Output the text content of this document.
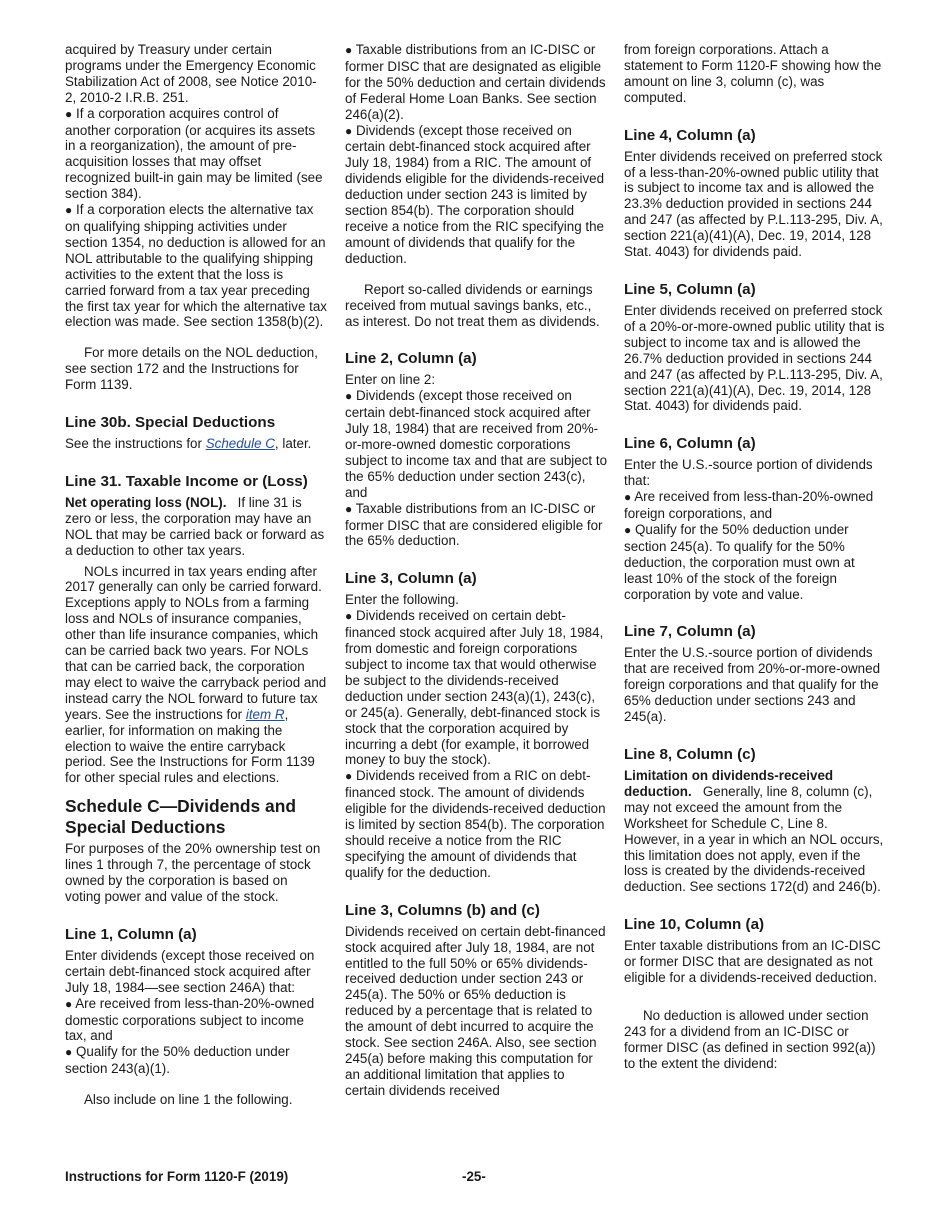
acquired by Treasury under certain programs under the Emergency Economic Stabilization Act of 2008, see Notice 2010-2, 2010-2 I.R.B. 251.

● If a corporation acquires control of another corporation (or acquires its assets in a reorganization), the amount of pre-acquisition losses that may offset recognized built-in gain may be limited (see section 384).

● If a corporation elects the alternative tax on qualifying shipping activities under section 1354, no deduction is allowed for an NOL attributable to the qualifying shipping activities to the extent that the loss is carried forward from a tax year preceding the first tax year for which the alternative tax election was made. See section 1358(b)(2).

For more details on the NOL deduction, see section 172 and the Instructions for Form 1139.

Line 30b. Special Deductions

See the instructions for Schedule C, later.

Line 31. Taxable Income or (Loss)

Net operating loss (NOL). If line 31 is zero or less, the corporation may have an NOL that may be carried back or forward as a deduction to other tax years.

NOLs incurred in tax years ending after 2017 generally can only be carried forward. Exceptions apply to NOLs from a farming loss and NOLs of insurance companies, other than life insurance companies, which can be carried back two years. For NOLs that can be carried back, the corporation may elect to waive the carryback period and instead carry the NOL forward to future tax years. See the instructions for item R, earlier, for information on making the election to waive the entire carryback period. See the Instructions for Form 1139 for other special rules and elections.

Schedule C—Dividends and Special Deductions

For purposes of the 20% ownership test on lines 1 through 7, the percentage of stock owned by the corporation is based on voting power and value of the stock.

Line 1, Column (a)

Enter dividends (except those received on certain debt-financed stock acquired after July 18, 1984—see section 246A) that:

● Are received from less-than-20%-owned domestic corporations subject to income tax, and

● Qualify for the 50% deduction under section 243(a)(1).

Also include on line 1 the following.

● Taxable distributions from an IC-DISC or former DISC that are designated as eligible for the 50% deduction and certain dividends of Federal Home Loan Banks. See section 246(a)(2).

● Dividends (except those received on certain debt-financed stock acquired after July 18, 1984) from a RIC. The amount of dividends eligible for the dividends-received deduction under section 243 is limited by section 854(b). The corporation should receive a notice from the RIC specifying the amount of dividends that qualify for the deduction.

Report so-called dividends or earnings received from mutual savings banks, etc., as interest. Do not treat them as dividends.

Line 2, Column (a)

Enter on line 2:

● Dividends (except those received on certain debt-financed stock acquired after July 18, 1984) that are received from 20%-or-more-owned domestic corporations subject to income tax and that are subject to the 65% deduction under section 243(c), and

● Taxable distributions from an IC-DISC or former DISC that are considered eligible for the 65% deduction.

Line 3, Column (a)

Enter the following.

● Dividends received on certain debt-financed stock acquired after July 18, 1984, from domestic and foreign corporations subject to income tax that would otherwise be subject to the dividends-received deduction under section 243(a)(1), 243(c), or 245(a). Generally, debt-financed stock is stock that the corporation acquired by incurring a debt (for example, it borrowed money to buy the stock).

● Dividends received from a RIC on debt-financed stock. The amount of dividends eligible for the dividends-received deduction is limited by section 854(b). The corporation should receive a notice from the RIC specifying the amount of dividends that qualify for the deduction.

Line 3, Columns (b) and (c)

Dividends received on certain debt-financed stock acquired after July 18, 1984, are not entitled to the full 50% or 65% dividends-received deduction under section 243 or 245(a). The 50% or 65% deduction is reduced by a percentage that is related to the amount of debt incurred to acquire the stock. See section 246A. Also, see section 245(a) before making this computation for an additional limitation that applies to certain dividends received

from foreign corporations. Attach a statement to Form 1120-F showing how the amount on line 3, column (c), was computed.

Line 4, Column (a)

Enter dividends received on preferred stock of a less-than-20%-owned public utility that is subject to income tax and is allowed the 23.3% deduction provided in sections 244 and 247 (as affected by P.L.113-295, Div. A, section 221(a)(41)(A), Dec. 19, 2014, 128 Stat. 4043) for dividends paid.

Line 5, Column (a)

Enter dividends received on preferred stock of a 20%-or-more-owned public utility that is subject to income tax and is allowed the 26.7% deduction provided in sections 244 and 247 (as affected by P.L.113-295, Div. A, section 221(a)(41)(A), Dec. 19, 2014, 128 Stat. 4043) for dividends paid.

Line 6, Column (a)

Enter the U.S.-source portion of dividends that:

● Are received from less-than-20%-owned foreign corporations, and

● Qualify for the 50% deduction under section 245(a). To qualify for the 50% deduction, the corporation must own at least 10% of the stock of the foreign corporation by vote and value.

Line 7, Column (a)

Enter the U.S.-source portion of dividends that are received from 20%-or-more-owned foreign corporations and that qualify for the 65% deduction under sections 243 and 245(a).

Line 8, Column (c)

Limitation on dividends-received deduction. Generally, line 8, column (c), may not exceed the amount from the Worksheet for Schedule C, Line 8. However, in a year in which an NOL occurs, this limitation does not apply, even if the loss is created by the dividends-received deduction. See sections 172(d) and 246(b).

Line 10, Column (a)

Enter taxable distributions from an IC-DISC or former DISC that are designated as not eligible for a dividends-received deduction.

No deduction is allowed under section 243 for a dividend from an IC-DISC or former DISC (as defined in section 992(a)) to the extent the dividend:

Instructions for Form 1120-F (2019)	-25-
